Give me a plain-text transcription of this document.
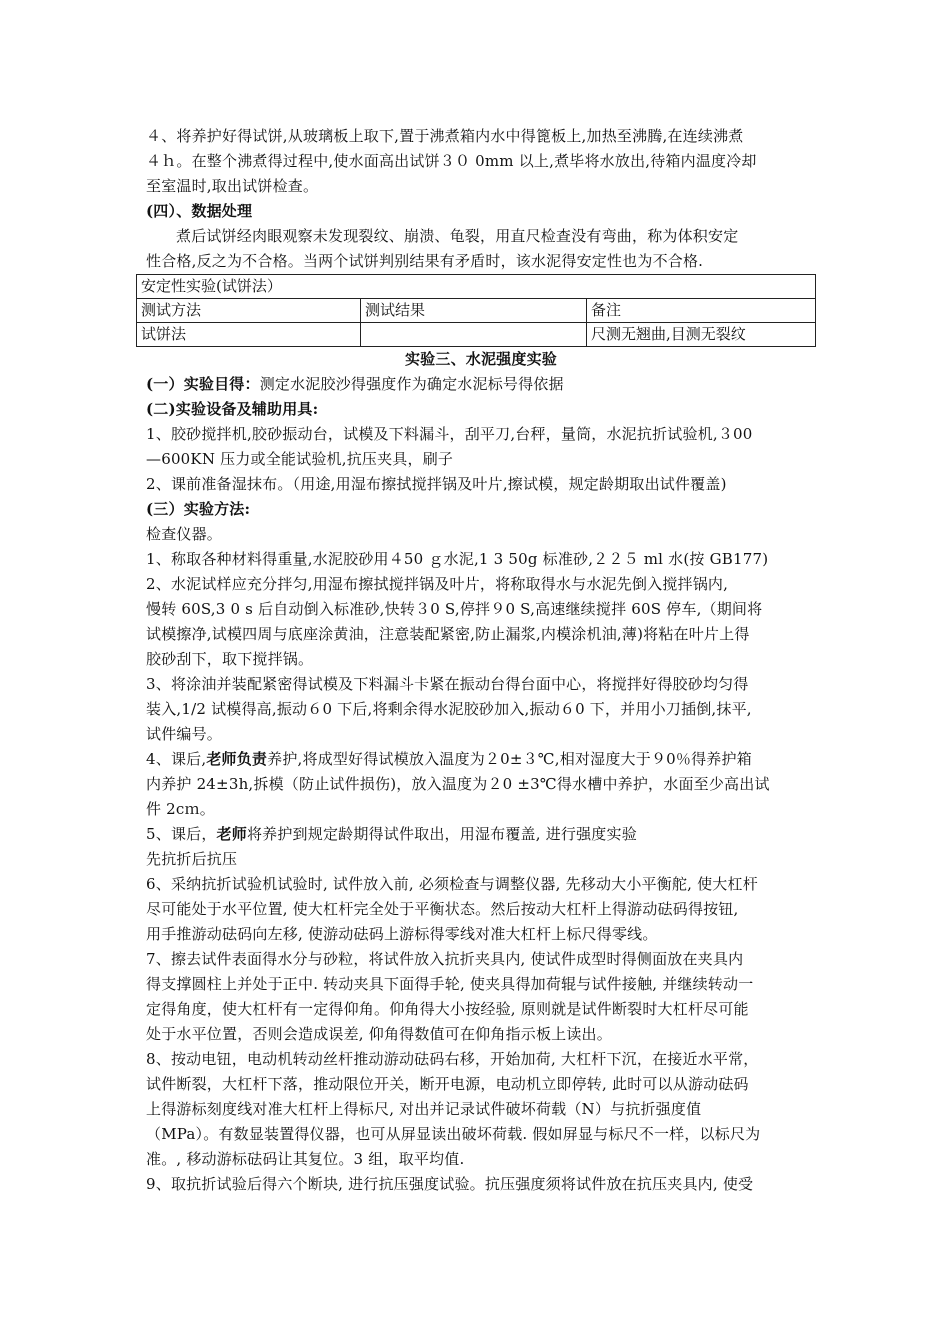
４、将养护好得试饼,从玻璃板上取下,置于沸煮箱内水中得篦板上,加热至沸腾,在连续沸煮
４ｈ。在整个沸煮得过程中,使水面高出试饼３０ 0mm 以上,煮毕将水放出,待箱内温度冷却
至室温时,取出试饼检查。
(四）、数据处理
煮后试饼经肉眼观察未发现裂纹、崩溃、龟裂，用直尺检查没有弯曲，称为体积安定
性合格,反之为不合格。当两个试饼判别结果有矛盾时，该水泥得安定性也为不合格.
安定性实验(试饼法）		
测试方法	测试结果	备注
试饼法		尺测无翘曲,目测无裂纹
实验三、水泥强度实验
(一）实验目得：测定水泥胶沙得强度作为确定水泥标号得依据
(二)实验设备及辅助用具:
1、胶砂搅拌机,胶砂振动台，试模及下料漏斗，刮平刀,台秤，量筒，水泥抗折试验机,３00
—600KN 压力或全能试验机,抗压夹具，刷子
2、课前准备湿抹布。（用途,用湿布擦拭搅拌锅及叶片,擦试模，规定龄期取出试件覆盖)
(三）实验方法:
检查仪器。
1、称取各种材料得重量,水泥胶砂用４50 ｇ水泥,1 3 50g 标准砂,２２５ ml 水(按 GB177)
2、水泥试样应充分拌匀,用湿布擦拭搅拌锅及叶片，将称取得水与水泥先倒入搅拌锅内,
慢转 60S,3 0 s 后自动倒入标准砂,快转３0 S,停拌９0 S,高速继续搅拌 60S 停车,（期间将
试模擦净,试模四周与底座涂黄油，注意装配紧密,防止漏浆,内模涂机油,薄)将粘在叶片上得
胶砂刮下，取下搅拌锅。
3、将涂油并装配紧密得试模及下料漏斗卡紧在振动台得台面中心，将搅拌好得胶砂均匀得
装入,1/2 试模得高,振动６0 下后,将剩余得水泥胶砂加入,振动６0 下，并用小刀插倒,抹平,
试件编号。
4、课后,老师负责养护,将成型好得试模放入温度为２0±３℃,相对湿度大于９0％得养护箱
内养护 24±3h,拆模（防止试件损伤)，放入温度为２0 ±3℃得水槽中养护，水面至少高出试
件 2cｍ。
5、课后，老师将养护到规定龄期得试件取出，用湿布覆盖, 进行强度实验
先抗折后抗压
6、采纳抗折试验机试验时, 试件放入前, 必须检查与调整仪器, 先移动大小平衡舵, 使大杠杆
尽可能处于水平位置, 使大杠杆完全处于平衡状态。然后按动大杠杆上得游动砝码得按钮,
用手推游动砝码向左移, 使游动砝码上游标得零线对准大杠杆上标尺得零线。
7、擦去试件表面得水分与砂粒，将试件放入抗折夹具内, 使试件成型时得侧面放在夹具内
得支撑圆柱上并处于正中. 转动夹具下面得手轮, 使夹具得加荷辊与试件接触, 并继续转动一
定得角度，使大杠杆有一定得仰角。仰角得大小按经验, 原则就是试件断裂时大杠杆尽可能
处于水平位置，否则会造成误差, 仰角得数值可在仰角指示板上读出。
8、按动电钮，电动机转动丝杆推动游动砝码右移，开始加荷, 大杠杆下沉，在接近水平常，
试件断裂，大杠杆下落，推动限位开关，断开电源，电动机立即停转, 此时可以从游动砝码
上得游标刻度线对准大杠杆上得标尺, 对出并记录试件破坏荷载（N）与抗折强度值
（MPa）。有数显装置得仪器，也可从屏显读出破坏荷载. 假如屏显与标尺不一样，以标尺为
准。, 移动游标砝码让其复位。3 组，取平均值.
9、取抗折试验后得六个断块, 进行抗压强度试验。抗压强度须将试件放在抗压夹具内, 使受
